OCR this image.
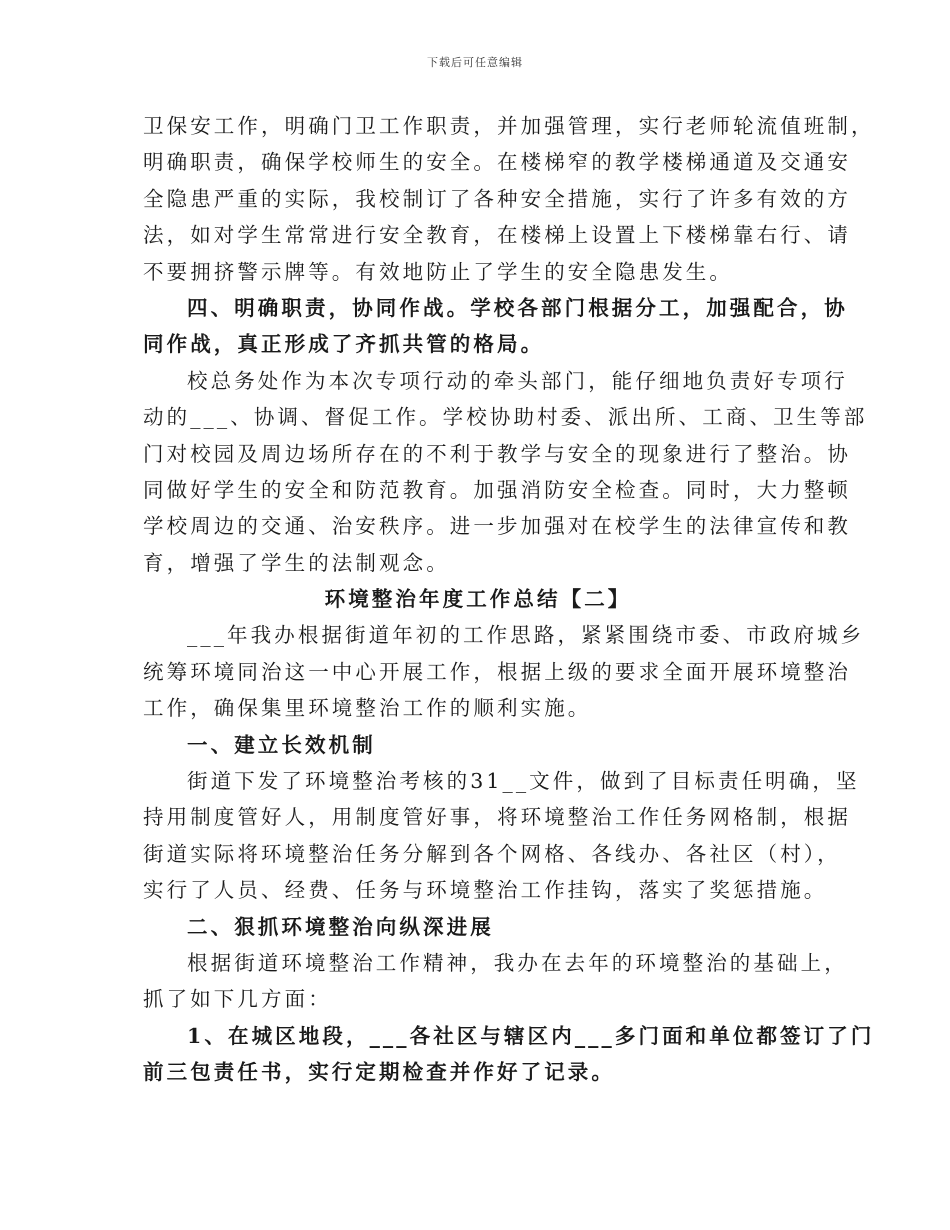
下载后可任意编辑
卫保安工作，明确门卫工作职责，并加强管理，实行老师轮流值班制，
明确职责，确保学校师生的安全。在楼梯窄的教学楼梯通道及交通安
全隐患严重的实际，我校制订了各种安全措施，实行了许多有效的方
法，如对学生常常进行安全教育，在楼梯上设置上下楼梯靠右行、请
不要拥挤警示牌等。有效地防止了学生的安全隐患发生。
四、明确职责，协同作战。学校各部门根据分工，加强配合，协
同作战，真正形成了齐抓共管的格局。
校总务处作为本次专项行动的牵头部门，能仔细地负责好专项行
动的___、协调、督促工作。学校协助村委、派出所、工商、卫生等部
门对校园及周边场所存在的不利于教学与安全的现象进行了整治。协
同做好学生的安全和防范教育。加强消防安全检查。同时，大力整顿
学校周边的交通、治安秩序。进一步加强对在校学生的法律宣传和教
育，增强了学生的法制观念。
环境整治年度工作总结【二】
___年我办根据街道年初的工作思路，紧紧围绕市委、市政府城乡
统筹环境同治这一中心开展工作，根据上级的要求全面开展环境整治
工作，确保集里环境整治工作的顺利实施。
一、建立长效机制
街道下发了环境整治考核的31__文件，做到了目标责任明确，坚
持用制度管好人，用制度管好事，将环境整治工作任务网格制，根据
街道实际将环境整治任务分解到各个网格、各线办、各社区（村），
实行了人员、经费、任务与环境整治工作挂钩，落实了奖惩措施。
二、狠抓环境整治向纵深进展
根据街道环境整治工作精神，我办在去年的环境整治的基础上，
抓了如下几方面：
1、在城区地段，___各社区与辖区内___多门面和单位都签订了门
前三包责任书，实行定期检查并作好了记录。
